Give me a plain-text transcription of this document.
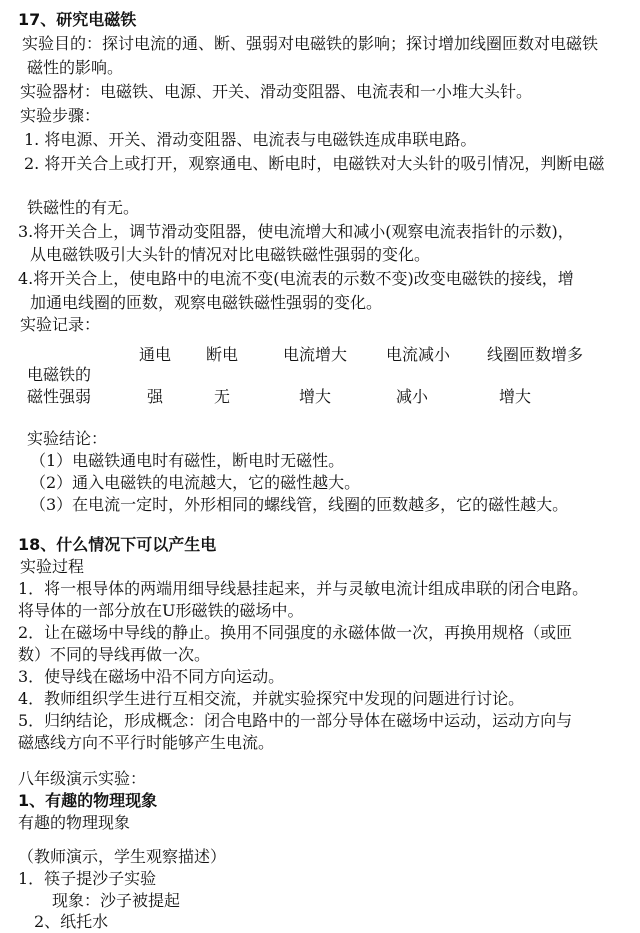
17、研究电磁铁
实验目的：探讨电流的通、断、强弱对电磁铁的影响；探讨增加线圈匝数对电磁铁
磁性的影响。
实验器材：电磁铁、电源、开关、滑动变阻器、电流表和一小堆大头针。
实验步骤：
1. 将电源、开关、滑动变阻器、电流表与电磁铁连成串联电路。
2. 将开关合上或打开，观察通电、断电时，电磁铁对大头针的吸引情况，判断电磁
铁磁性的有无。
3.将开关合上，调节滑动变阻器，使电流增大和减小(观察电流表指针的示数)，
从电磁铁吸引大头针的情况对比电磁铁磁性强弱的变化。
4.将开关合上，使电路中的电流不变(电流表的示数不变)改变电磁铁的接线，增
加通电线圈的匝数，观察电磁铁磁性强弱的变化。
实验记录：
通电	断电	电流增大	电流减小	线圈匝数增多
电磁铁的
磁性强弱	强	无	增大	减小	增大
实验结论：
（1）电磁铁通电时有磁性，断电时无磁性。
（2）通入电磁铁的电流越大，它的磁性越大。
（3）在电流一定时，外形相同的螺线管，线圈的匝数越多，它的磁性越大。
18、什么情况下可以产生电
实验过程
1．将一根导体的两端用细导线悬挂起来，并与灵敏电流计组成串联的闭合电路。
将导体的一部分放在U形磁铁的磁场中。
2．让在磁场中导线的静止。换用不同强度的永磁体做一次，再换用规格（或匝
数）不同的导线再做一次。
3．使导线在磁场中沿不同方向运动。
4．教师组织学生进行互相交流，并就实验探究中发现的问题进行讨论。
5．归纳结论，形成概念：闭合电路中的一部分导体在磁场中运动，运动方向与
磁感线方向不平行时能够产生电流。
八年级演示实验：
1、有趣的物理现象
有趣的物理现象
（教师演示，学生观察描述）
1．筷子提沙子实验
现象：沙子被提起
2、纸托水
